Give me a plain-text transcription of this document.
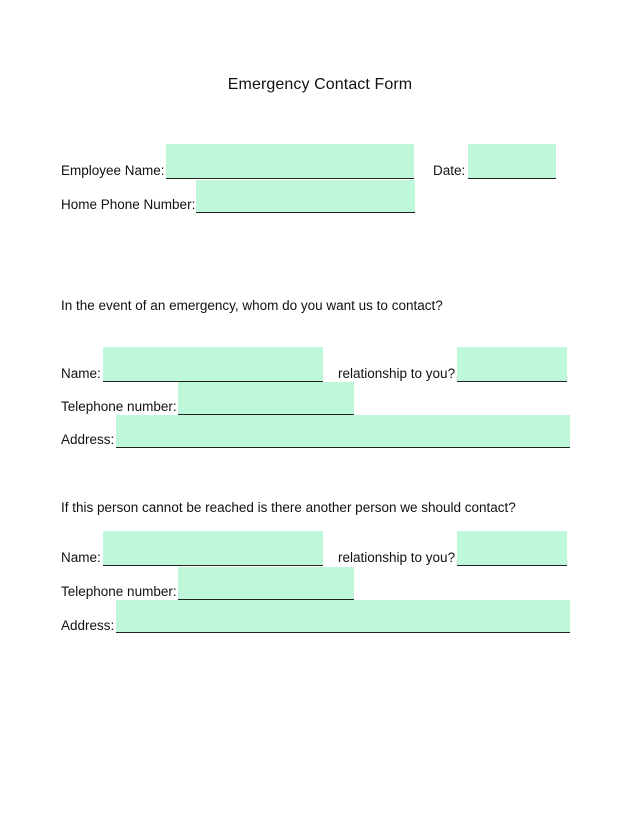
Emergency Contact Form
Employee Name:	Date:
Home Phone Number:
In the event of an emergency, whom do you want us to contact?
Name:	relationship to you?
Telephone number:
Address:
If this person cannot be reached is there another person we should contact?
Name:	relationship to you?
Telephone number:
Address:
